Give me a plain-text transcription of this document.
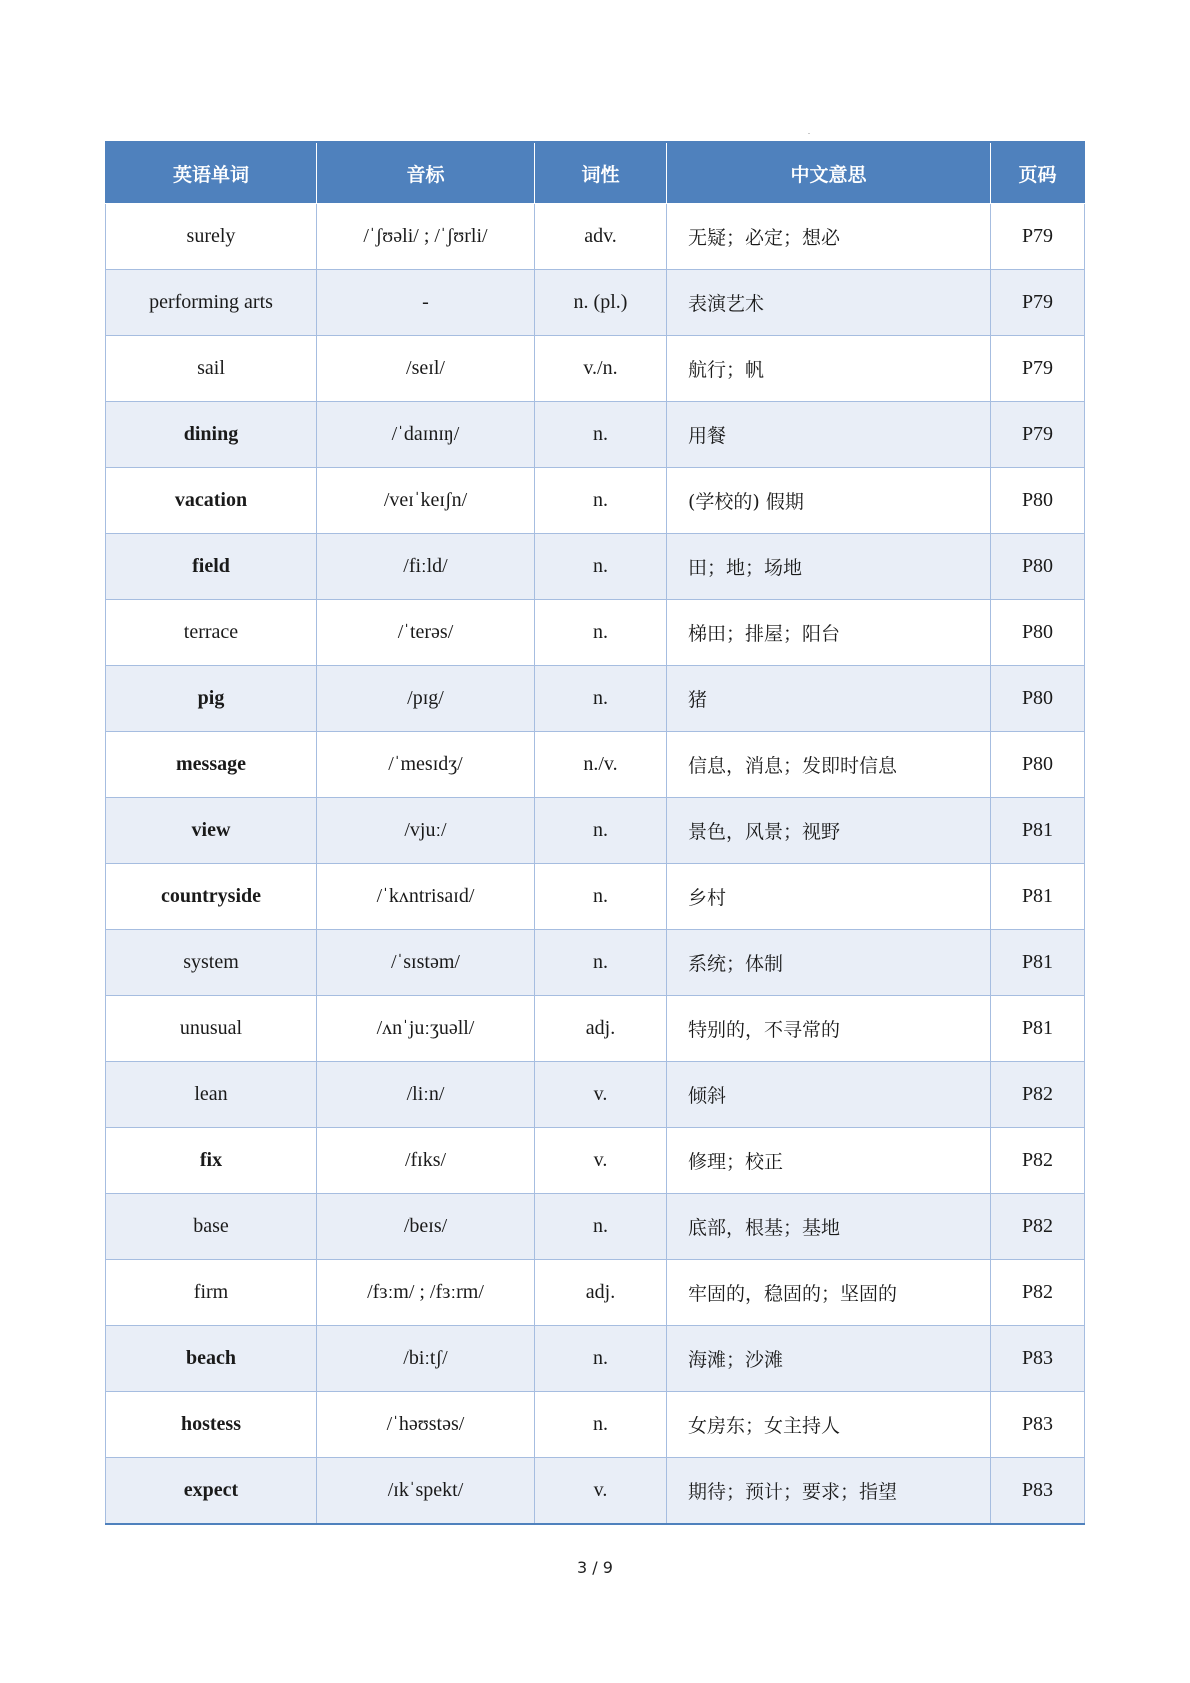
.
英语单词	音标	词性	中文意思	页码
surely	/ˈʃʊəli/ ; /ˈʃʊrli/	adv.	无疑；必定；想必	P79
performing arts	-	n. (pl.)	表演艺术	P79
sail	/seɪl/	v./n.	航行；帆	P79
dining	/ˈdaɪnɪŋ/	n.	用餐	P79
vacation	/veɪˈkeɪʃn/	n.	(学校的) 假期	P80
field	/fiːld/	n.	田；地；场地	P80
terrace	/ˈterəs/	n.	梯田；排屋；阳台	P80
pig	/pɪg/	n.	猪	P80
message	/ˈmesɪdʒ/	n./v.	信息，消息；发即时信息	P80
view	/vjuː/	n.	景色，风景；视野	P81
countryside	/ˈkʌntrisaɪd/	n.	乡村	P81
system	/ˈsɪstəm/	n.	系统；体制	P81
unusual	/ʌnˈjuːʒuəll/	adj.	特别的，不寻常的	P81
lean	/liːn/	v.	倾斜	P82
fix	/fɪks/	v.	修理；校正	P82
base	/beɪs/	n.	底部，根基；基地	P82
firm	/fɜːm/ ; /fɜːrm/	adj.	牢固的，稳固的；坚固的	P82
beach	/biːtʃ/	n.	海滩；沙滩	P83
hostess	/ˈhəʊstəs/	n.	女房东；女主持人	P83
expect	/ɪkˈspekt/	v.	期待；预计；要求；指望	P83
3 / 9
